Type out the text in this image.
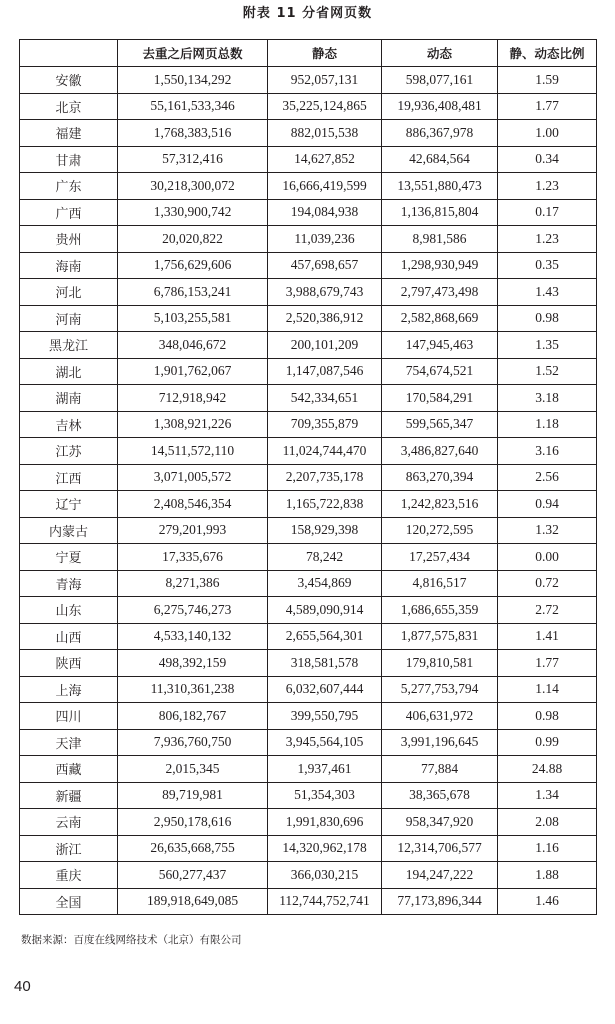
附表 11 分省网页数
	去重之后网页总数	静态	动态	静、动态比例
安徽	1,550,134,292	952,057,131	598,077,161	1.59
北京	55,161,533,346	35,225,124,865	19,936,408,481	1.77
福建	1,768,383,516	882,015,538	886,367,978	1.00
甘肃	57,312,416	14,627,852	42,684,564	0.34
广东	30,218,300,072	16,666,419,599	13,551,880,473	1.23
广西	1,330,900,742	194,084,938	1,136,815,804	0.17
贵州	20,020,822	11,039,236	8,981,586	1.23
海南	1,756,629,606	457,698,657	1,298,930,949	0.35
河北	6,786,153,241	3,988,679,743	2,797,473,498	1.43
河南	5,103,255,581	2,520,386,912	2,582,868,669	0.98
黑龙江	348,046,672	200,101,209	147,945,463	1.35
湖北	1,901,762,067	1,147,087,546	754,674,521	1.52
湖南	712,918,942	542,334,651	170,584,291	3.18
吉林	1,308,921,226	709,355,879	599,565,347	1.18
江苏	14,511,572,110	11,024,744,470	3,486,827,640	3.16
江西	3,071,005,572	2,207,735,178	863,270,394	2.56
辽宁	2,408,546,354	1,165,722,838	1,242,823,516	0.94
内蒙古	279,201,993	158,929,398	120,272,595	1.32
宁夏	17,335,676	78,242	17,257,434	0.00
青海	8,271,386	3,454,869	4,816,517	0.72
山东	6,275,746,273	4,589,090,914	1,686,655,359	2.72
山西	4,533,140,132	2,655,564,301	1,877,575,831	1.41
陕西	498,392,159	318,581,578	179,810,581	1.77
上海	11,310,361,238	6,032,607,444	5,277,753,794	1.14
四川	806,182,767	399,550,795	406,631,972	0.98
天津	7,936,760,750	3,945,564,105	3,991,196,645	0.99
西藏	2,015,345	1,937,461	77,884	24.88
新疆	89,719,981	51,354,303	38,365,678	1.34
云南	2,950,178,616	1,991,830,696	958,347,920	2.08
浙江	26,635,668,755	14,320,962,178	12,314,706,577	1.16
重庆	560,277,437	366,030,215	194,247,222	1.88
全国	189,918,649,085	112,744,752,741	77,173,896,344	1.46
数据来源：百度在线网络技术（北京）有限公司
40
